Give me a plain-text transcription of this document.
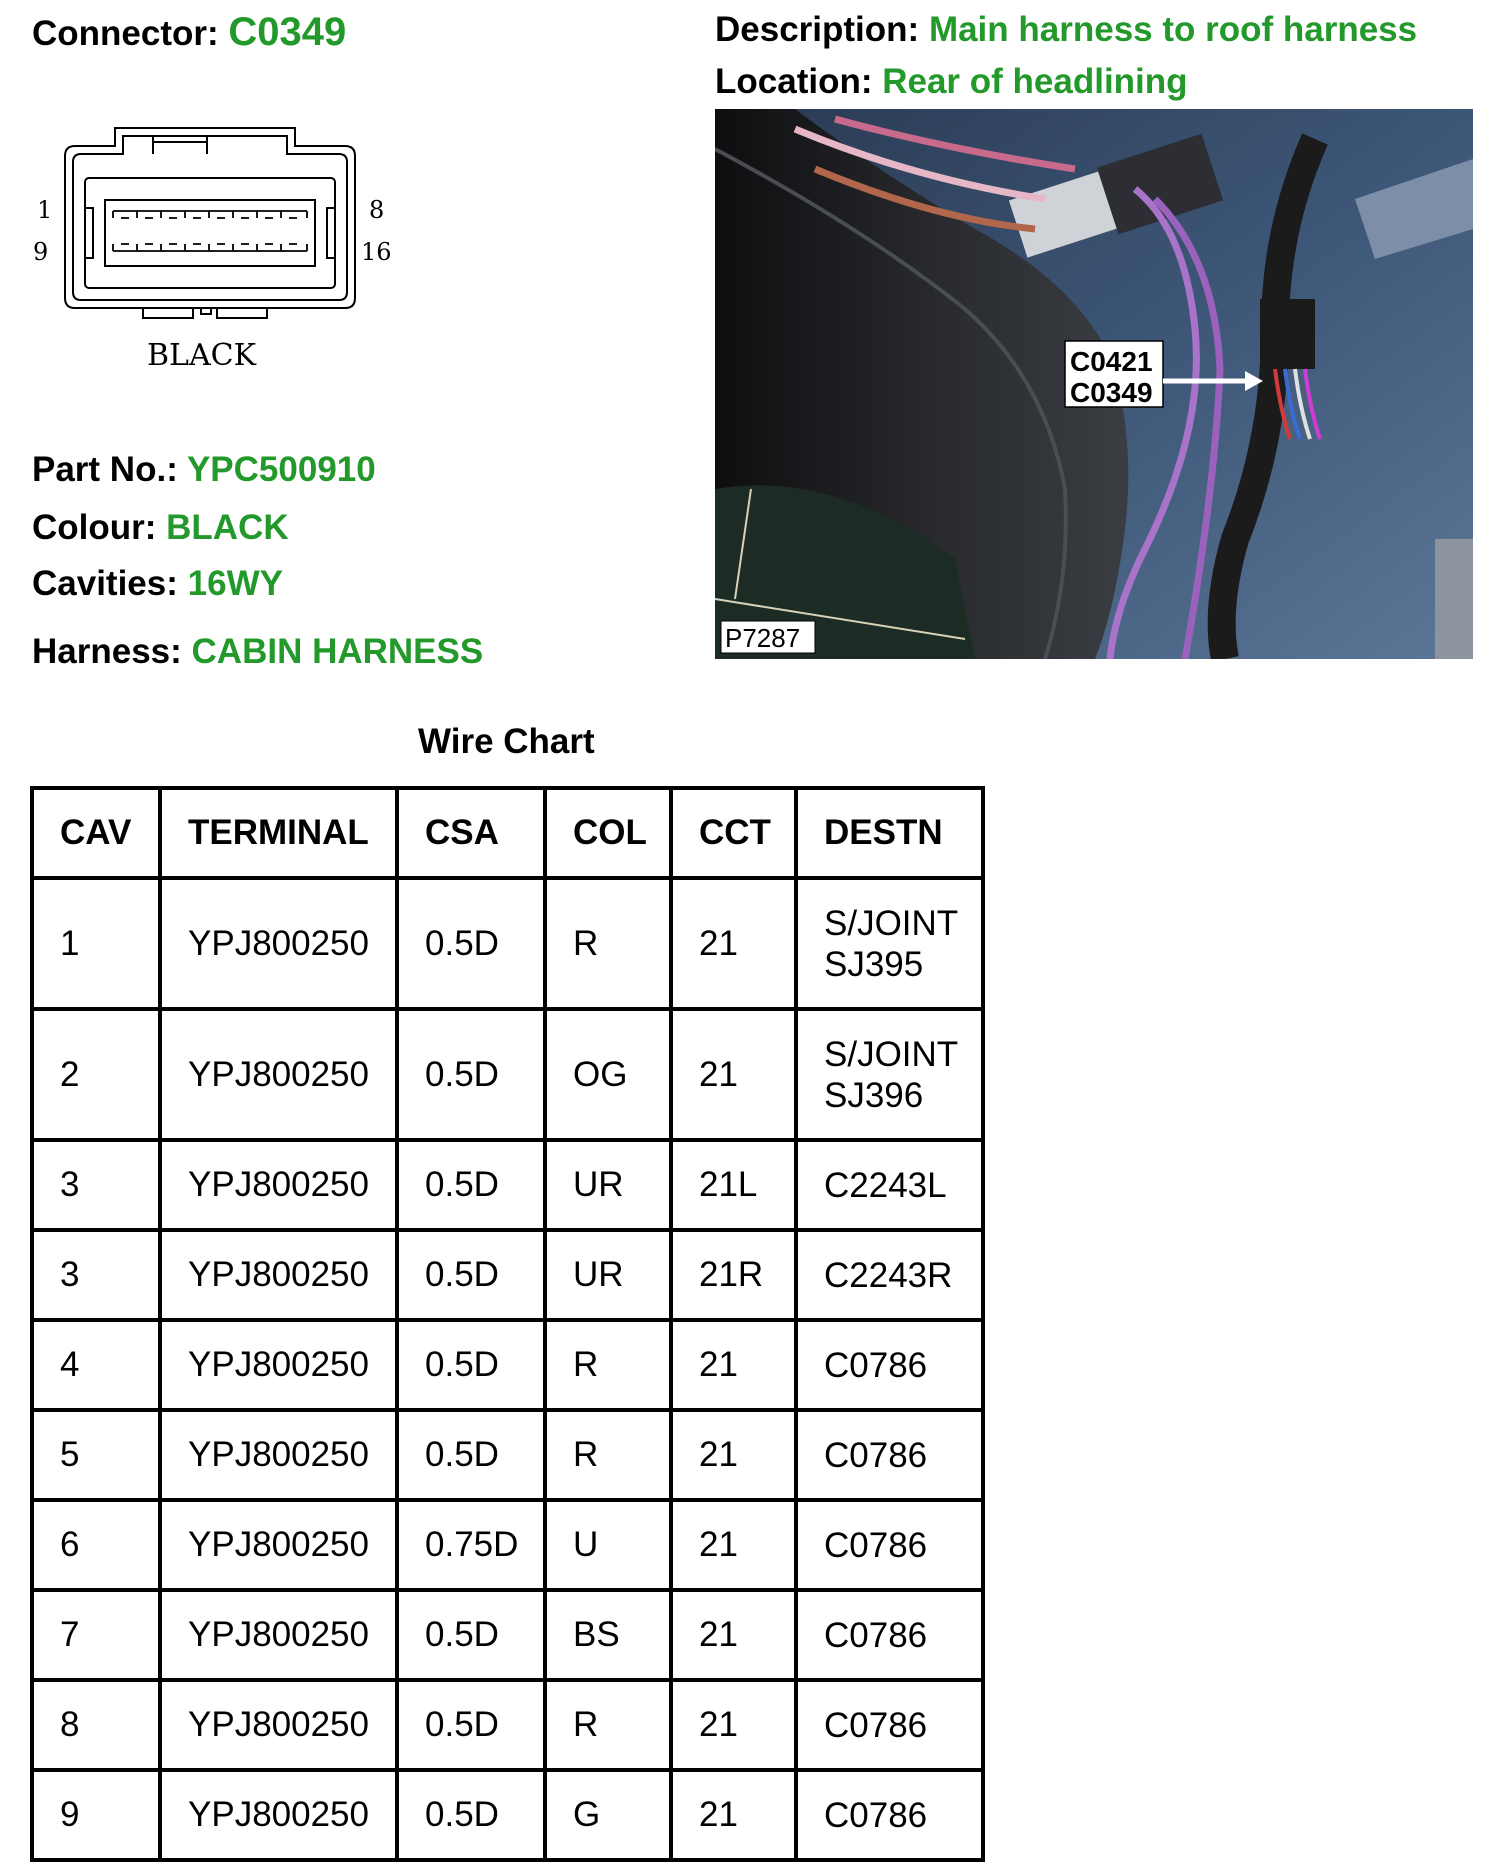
Connector: C0349	Description: Main harness to roof harness
Location: Rear of headlining
1
9
8
16
BLACK
Part No.: YPC500910
Colour: BLACK
Cavities: 16WY
Harness: CABIN HARNESS
C0421
C0349
P7287
Wire Chart
CAV	TERMINAL	CSA	COL	CCT	DESTN
1	YPJ800250	0.5D	R	21	S/JOINT
SJ395

2	YPJ800250	0.5D	OG	21	S/JOINT
SJ396

3	YPJ800250	0.5D	UR	21L	C2243L

3	YPJ800250	0.5D	UR	21R	C2243R

4	YPJ800250	0.5D	R	21	C0786

5	YPJ800250	0.5D	R	21	C0786

6	YPJ800250	0.75D	U	21	C0786

7	YPJ800250	0.5D	BS	21	C0786

8	YPJ800250	0.5D	R	21	C0786

9	YPJ800250	0.5D	G	21	C0786
